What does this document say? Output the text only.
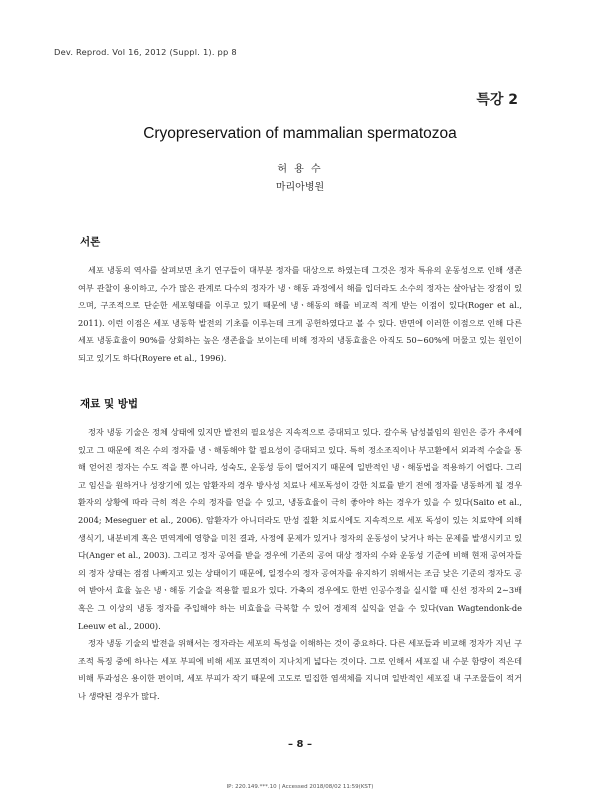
Dev. Reprod. Vol 16, 2012 (Suppl. 1). pp 8
특강 2
Cryopreservation of mammalian spermatozoa
허 용 수
마리아병원
서론

세포 냉동의 역사를 살펴보면 초기 연구들이 대부분 정자를 대상으로 하였는데 그것은 정자 특유의 운동성으로 인해 생존 여부 관찰이 용이하고, 수가 많은 관계로 다수의 정자가 냉ㆍ해동 과정에서 해를 입더라도 소수의 정자는 살아남는 장점이 있으며, 구조적으로 단순한 세포형태를 이루고 있기 때문에 냉ㆍ해동의 해를 비교적 적게 받는 이점이 있다(Roger et al., 2011). 이런 이점은 세포 냉동학 발전의 기초를 이루는데 크게 공헌하였다고 볼 수 있다. 반면에 이러한 이점으로 인해 다른 세포 냉동효율이 90%를 상회하는 높은 생존율을 보이는데 비해 정자의 냉동효율은 아직도 50∼60%에 머물고 있는 원인이 되고 있기도 하다(Royere et al., 1996).

재료 및 방법

정자 냉동 기술은 정체 상태에 있지만 발전의 필요성은 지속적으로 증대되고 있다. 갈수록 남성불임의 원인은 증가 추세에 있고 그 때문에 적은 수의 정자를 냉ㆍ해동해야 할 필요성이 증대되고 있다. 특히 정소조직이나 부고환에서 외과적 수술을 통해 얻어진 정자는 수도 적을 뿐 아니라, 성숙도, 운동성 등이 떨어지기 때문에 일반적인 냉ㆍ해동법을 적용하기 어렵다. 그리고 임신을 원하거나 성장기에 있는 암환자의 경우 방사성 치료나 세포독성이 강한 치료를 받기 전에 정자를 냉동하게 될 경우 환자의 상황에 따라 극히 적은 수의 정자를 얻을 수 있고, 냉동효율이 극히 좋아야 하는 경우가 있을 수 있다(Saito et al., 2004; Meseguer et al., 2006). 암환자가 아니더라도 만성 질환 치료시에도 지속적으로 세포 독성이 있는 치료약에 의해 생식기, 내분비계 혹은 면역계에 영향을 미친 결과, 사정에 문제가 있거나 정자의 운동성이 낮거나 하는 문제를 발생시키고 있다(Anger et al., 2003). 그리고 정자 공여를 받을 경우에 기존의 공여 대상 정자의 수와 운동성 기준에 비해 현재 공여자들의 정자 상태는 점점 나빠지고 있는 상태이기 때문에, 일정수의 정자 공여자를 유지하기 위해서는 조금 낮은 기준의 정자도 공여 받아서 효율 높은 냉ㆍ해동 기술을 적용할 필요가 있다. 가축의 경우에도 한번 인공수정을 실시할 때 신선 정자의 2∼3배 혹은 그 이상의 냉동 정자를 주입해야 하는 비효율을 극복할 수 있어 경제적 실익을 얻을 수 있다(van Wagtendonk-de Leeuw et al., 2000).

정자 냉동 기술의 발전을 위해서는 정자라는 세포의 특성을 이해하는 것이 중요하다. 다른 세포들과 비교해 정자가 지닌 구조적 특징 중에 하나는 세포 부피에 비해 세포 표면적이 지나치게 넓다는 것이다. 그로 인해서 세포질 내 수분 함량이 적은데 비해 투과성은 용이한 편이며, 세포 부피가 작기 때문에 고도로 밀집한 염색체를 지니며 일반적인 세포질 내 구조물들이 적거나 생략된 경우가 많다.

– 8 –
IP: 220.149.***.10 | Accessed 2018/08/02 11:59(KST)
